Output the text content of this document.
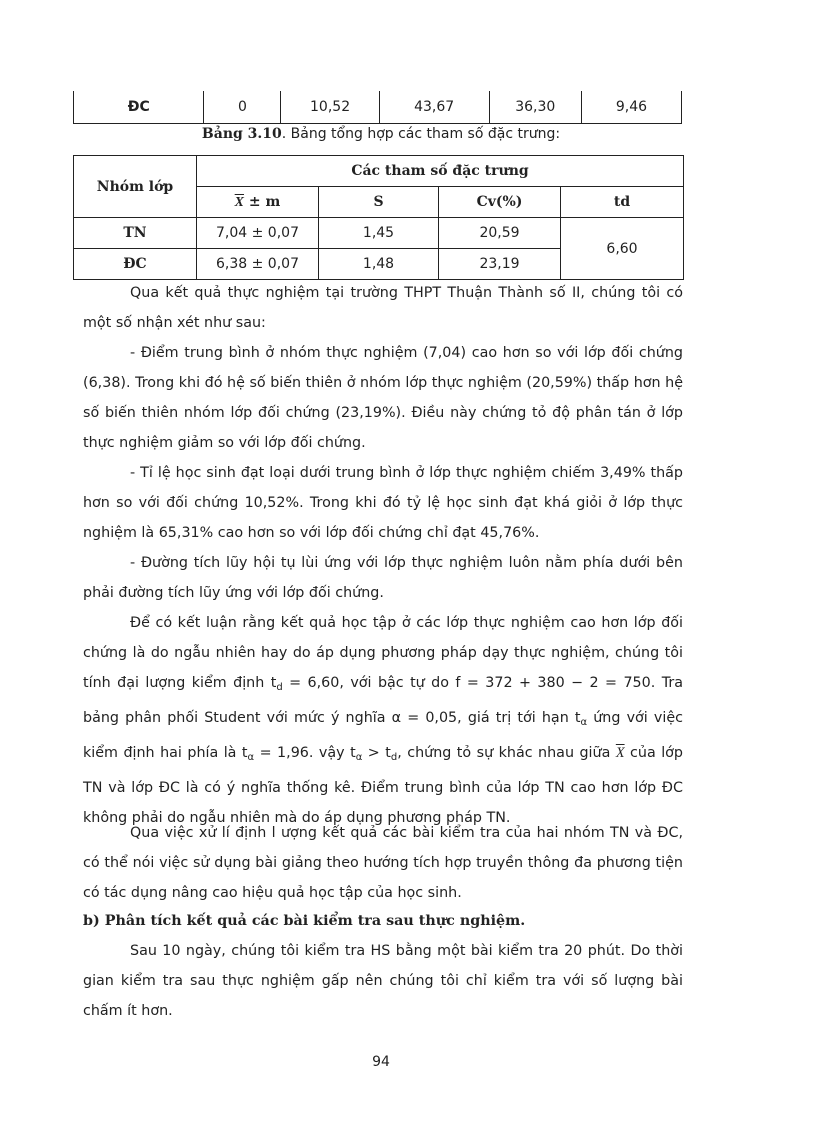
ĐC	0	10,52	43,67	36,30	9,46
Bảng 3.10. Bảng tổng hợp các tham số đặc trưng:
Nhóm lớp	Các tham số đặc trưng			
	$\overline{X} \pm m$	S	Cv(%)	td
TN	7,04 ± 0,07	1,45	20,59	6,60
ĐC	6,38 ± 0,07	1,48	23,19	

Qua kết quả thực nghiệm tại trường THPT Thuận Thành số II, chúng tôi có một số nhận xét như sau:

- Điểm trung bình ở nhóm thực nghiệm (7,04) cao hơn so với lớp đối chứng (6,38). Trong khi đó hệ số biến thiên ở nhóm lớp thực nghiệm (20,59%) thấp hơn hệ số biến thiên nhóm lớp đối chứng (23,19%). Điều này chứng tỏ độ phân tán ở lớp thực nghiệm giảm so với lớp đối chứng.

- Tỉ lệ học sinh đạt loại dưới trung bình ở lớp thực nghiệm chiếm 3,49% thấp hơn so với đối chứng 10,52%. Trong khi đó tỷ lệ học sinh đạt khá giỏi ở lớp thực nghiệm là 65,31% cao hơn so với lớp đối chứng chỉ đạt 45,76%.

- Đường tích lũy hội tụ lùi ứng với lớp thực nghiệm luôn nằm phía dưới bên phải đường tích lũy ứng với lớp đối chứng.

Để có kết luận rằng kết quả học tập ở các lớp thực nghiệm cao hơn lớp đối chứng là do ngẫu nhiên hay do áp dụng phương pháp dạy thực nghiệm, chúng tôi tính đại lượng kiểm định $t_d = 6,60$, với bậc tự do f = 372 + 380 − 2 = 750. Tra bảng phân phối Student với mức ý nghĩa α = 0,05, giá trị tới hạn $t_\alpha$ ứng với việc kiểm định hai phía là $t_\alpha = 1,96$. vậy $t_\alpha > t_d$, chứng tỏ sự khác nhau giữa $\overline{X}$ của lớp TN và lớp ĐC là có ý nghĩa thống kê. Điểm trung bình của lớp TN cao hơn lớp ĐC không phải do ngẫu nhiên mà do áp dụng phương pháp TN.

Qua việc xử lí định l ượng kết quả các bài kiểm tra của hai nhóm TN và ĐC, có thể nói việc sử dụng bài giảng theo hướng tích hợp truyền thông đa phương tiện có tác dụng nâng cao hiệu quả học tập của học sinh.

b) Phân tích kết quả các bài kiểm tra sau thực nghiệm.

Sau 10 ngày, chúng tôi kiểm tra HS bằng một bài kiểm tra 20 phút. Do thời gian kiểm tra sau thực nghiệm gấp nên chúng tôi chỉ kiểm tra với số lượng bài chấm ít hơn.

94
